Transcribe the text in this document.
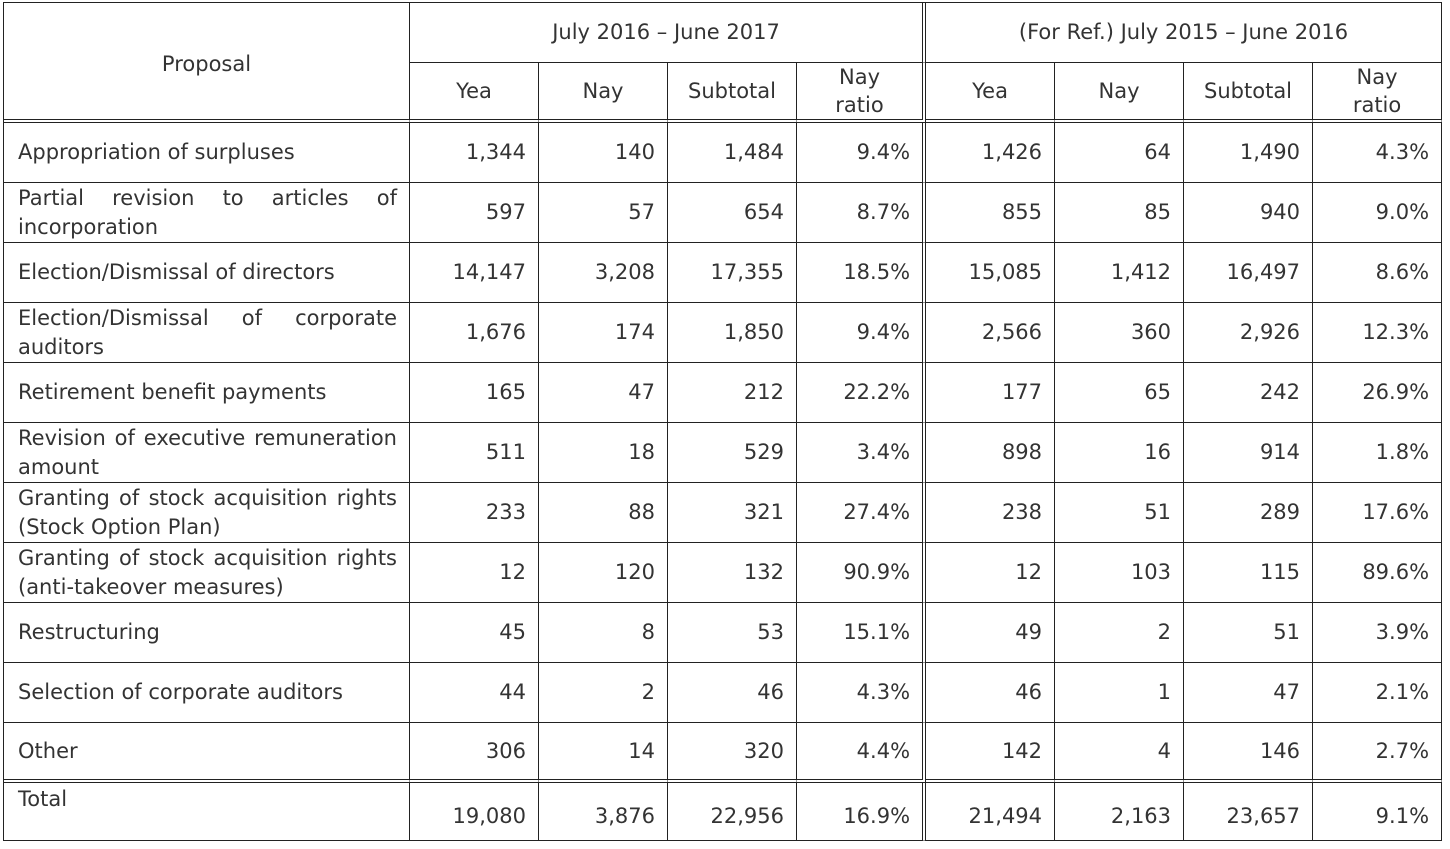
Proposal	July 2016 – June 2017				(For Ref.) July 2015 – June 2016			
	Yea	Nay	Subtotal	Nay ratio	Yea	Nay	Subtotal	Nay ratio
Appropriation of surpluses	1,344	140	1,484	9.4%	1,426	64	1,490	4.3%
Partial revision to articles of incorporation	597	57	654	8.7%	855	85	940	9.0%
Election/Dismissal of directors	14,147	3,208	17,355	18.5%	15,085	1,412	16,497	8.6%
Election/Dismissal of corporate auditors	1,676	174	1,850	9.4%	2,566	360	2,926	12.3%
Retirement benefit payments	165	47	212	22.2%	177	65	242	26.9%
Revision of executive remuneration amount	511	18	529	3.4%	898	16	914	1.8%
Granting of stock acquisition rights (Stock Option Plan)	233	88	321	27.4%	238	51	289	17.6%
Granting of stock acquisition rights (anti-takeover measures)	12	120	132	90.9%	12	103	115	89.6%
Restructuring	45	8	53	15.1%	49	2	51	3.9%
Selection of corporate auditors	44	2	46	4.3%	46	1	47	2.1%
Other	306	14	320	4.4%	142	4	146	2.7%
Total	19,080	3,876	22,956	16.9%	21,494	2,163	23,657	9.1%
